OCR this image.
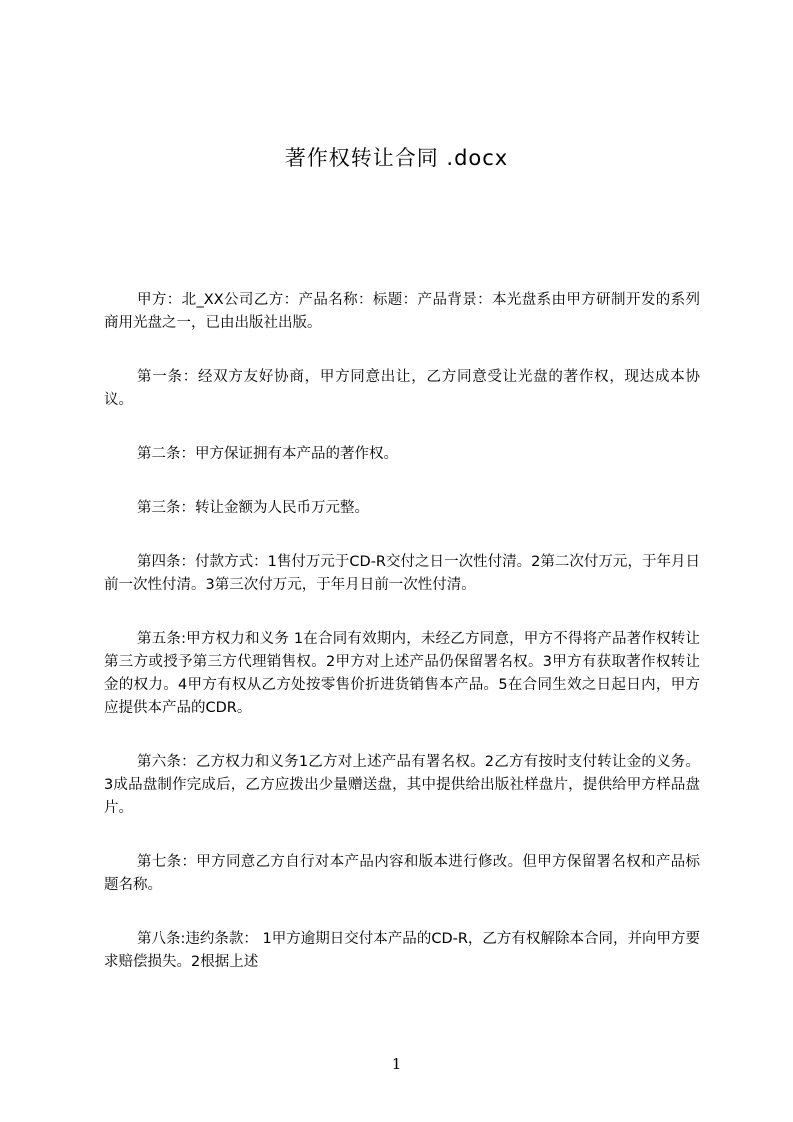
著作权转让合同 .docx

甲方：北_XX公司乙方：产品名称：标题：产品背景：本光盘系由甲方研制开发的系列商用光盘之一，已由出版社出版。

第一条：经双方友好协商，甲方同意出让，乙方同意受让光盘的著作权，现达成本协议。

第二条：甲方保证拥有本产品的著作权。

第三条：转让金额为人民币万元整。

第四条：付款方式：1售付万元于CD-R交付之日一次性付清。2第二次付万元，于年月日前一次性付清。3第三次付万元，于年月日前一次性付清。

第五条:甲方权力和义务 1在合同有效期内，未经乙方同意，甲方不得将产品著作权转让第三方或授予第三方代理销售权。2甲方对上述产品仍保留署名权。3甲方有获取著作权转让金的权力。4甲方有权从乙方处按零售价折进货销售本产品。5在合同生效之日起日内，甲方应提供本产品的CDR。

第六条：乙方权力和义务1乙方对上述产品有署名权。2乙方有按时支付转让金的义务。3成品盘制作完成后，乙方应拨出少量赠送盘，其中提供给出版社样盘片，提供给甲方样品盘片。

第七条：甲方同意乙方自行对本产品内容和版本进行修改。但甲方保留署名权和产品标题名称。

第八条:违约条款： 1甲方逾期日交付本产品的CD-R，乙方有权解除本合同，并向甲方要求赔偿损失。2根据上述

1
